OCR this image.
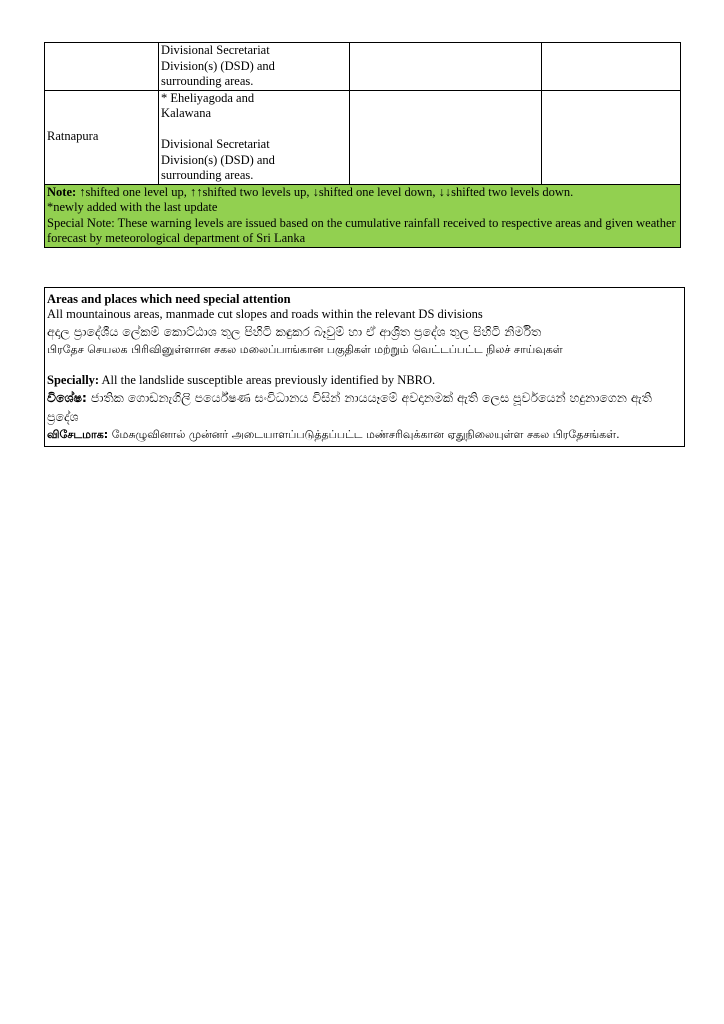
	Divisional Secretariat
Division(s) (DSD) and
surrounding areas.		

Ratnapura	* Eheliyagoda and
Kalawana
Divisional Secretariat
Division(s) (DSD) and
surrounding areas.		

Note: ↑shifted one level up, ↑↑shifted two levels up, ↓shifted one level down, ↓↓shifted two levels down.
*newly added with the last update
Special Note: These warning levels are issued based on the cumulative rainfall received to respective areas and given weather forecast by meteorological department of Sri Lanka			
Areas and places which need special attention
All mountainous areas, manmade cut slopes and roads within the relevant DS divisions
අදාල ප්‍රාදේශීය ලේකම් කොට්ඨාශ තුල පිහිටි කඳුකර බෑවුම් හා ඒ ආශ්‍රිත ප්‍රදේශ තුල පිහිටි නිර්මිත
பிரதேச செயலக பிரிவினுள்ளான சகல மலைப்பாங்கான பகுதிகள் மற்றும் வெட்டப்பட்ட நிலச் சாய்வுகள்
Specially: All the landslide susceptible areas previously identified by NBRO.
විශේෂ: ජාතික ගොඩනැගිලි පර්යේෂණ සංවිධානය විසින් නායයෑමේ අවදානමක් ඇති ලෙස පූර්වයෙන් හදුනාගෙන ඇති ප්‍රදේශ
விசேடமாக: மேசுழுவினால் முன்னர் அடையாளப்படுத்தப்பட்ட மண்சரிவுக்கான ஏதுநிலையுள்ள சகல பிரதேசங்கள்.
